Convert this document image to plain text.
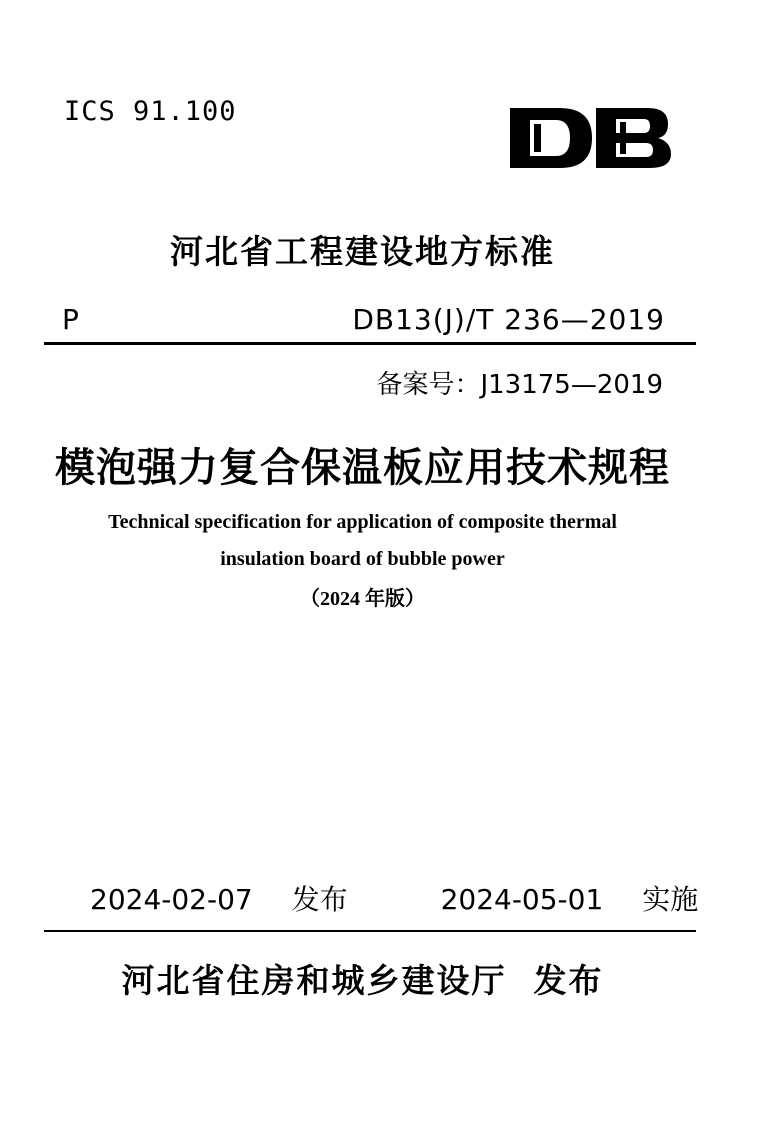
ICS 91.100
河北省工程建设地方标准
P	DB13(J)/T 236—2019
备案号：J13175—2019
模泡强力复合保温板应用技术规程
Technical specification for application of composite thermal
insulation board of bubble power
（2024 年版）
2024-02-07 发布	2024-05-01 实施
河北省住房和城乡建设厅  发布
